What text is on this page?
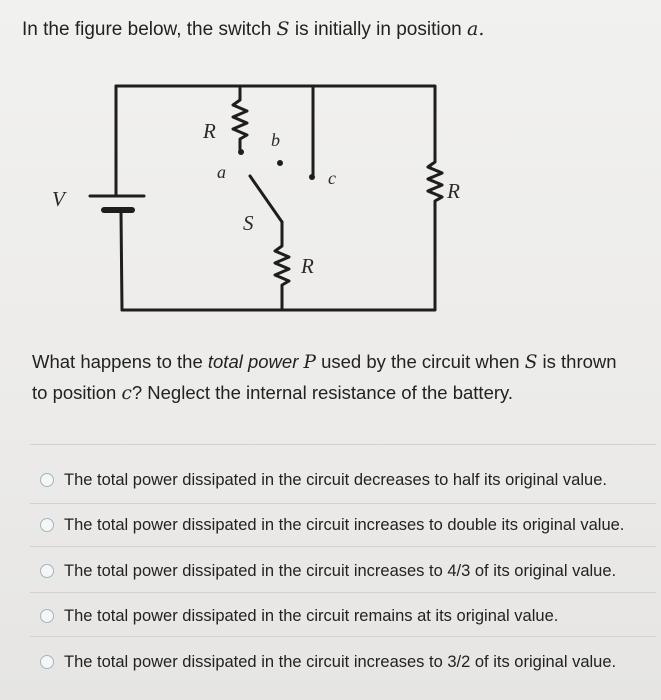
In the figure below, the switch S is initially in position a.
V
R	b
a	c
S
R
R
What happens to the total power P used by the circuit when S is thrown
to position c? Neglect the internal resistance of the battery.
The total power dissipated in the circuit decreases to half its original value.
The total power dissipated in the circuit increases to double its original value.
The total power dissipated in the circuit increases to 4/3 of its original value.
The total power dissipated in the circuit remains at its original value.
The total power dissipated in the circuit increases to 3/2 of its original value.
